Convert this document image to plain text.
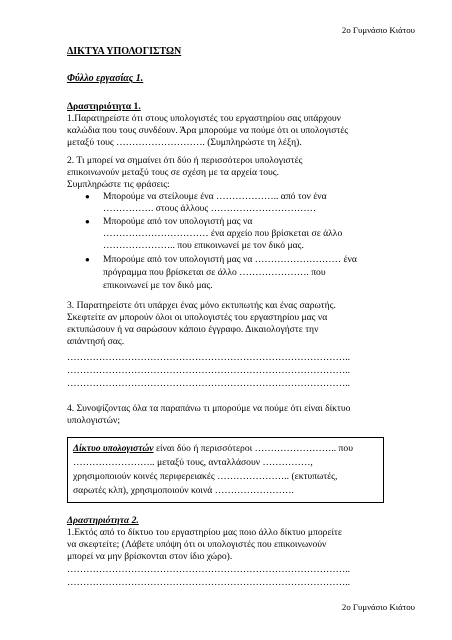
2ο Γυμνάσιο Κιάτου
ΔΙΚΤΥΑ ΥΠΟΛΟΓΙΣΤΩΝ
Φύλλο εργασίας 1.
Δραστηριότητα 1.
1.Παρατηρείστε ότι στους υπολογιστές του εργαστηρίου σας υπάρχουν
καλώδια που τους συνδέουν. Άρα μπορούμε να πούμε ότι οι υπολογιστές
μεταξύ τους ………………………. (Συμπληρώστε τη λέξη).
2. Τι μπορεί να σημαίνει ότι δύο ή περισσότεροι υπολογιστές
επικοινωνούν μεταξύ τους σε σχέση με τα αρχεία τους.
Συμπληρώστε τις φράσεις:
● Μπορούμε να στείλουμε ένα ……………….. από τον ένα
……………. στους άλλους ……………………………
● Μπορούμε από τον υπολογιστή μας να
…………………………… ένα αρχείο που βρίσκεται σε άλλο
………………….. που επικοινωνεί με τον δικό μας.
● Μπορούμε από τον υπολογιστή μας να ……………………… ένα
πρόγραμμα που βρίσκεται σε άλλο …………………. που
επικοινωνεί με τον δικό μας.
3. Παρατηρείστε ότι υπάρχει ένας μόνο εκτυπωτής και ένας σαρωτής.
Σκεφτείτε αν μπορούν όλοι οι υπολογιστές του εργαστηρίου μας να
εκτυπώσουν ή να σαρώσουν κάποιο έγγραφο. Δικαιολογήστε την
απάντησή σας.
……………………………………………………………………………..
……………………………………………………………………………..
……………………………………………………………………………..
4. Συνοψίζοντας όλα τα παραπάνω τι μπορούμε να πούμε ότι είναι δίκτυο
υπολογιστών;
Δίκτυο υπολογιστών είναι δύο ή περισσότεροι …………………….. που
…………………….. μεταξύ τους, ανταλλάσουν ……………,
χρησιμοποιούν κοινές περιφερειακές ………………….. (εκτυπωτές,
σαρωτές κλπ), χρησιμοποιούν κοινά …………………….
Δραστηριότητα 2.
1.Εκτός από το δίκτυο του εργαστηρίου μας ποιο άλλο δίκτυο μπορείτε
να σκεφτείτε; (Λάβετε υπόψη ότι οι υπολογιστές που επικοινωνούν
μπορεί να μην βρίσκονται στον ίδιο χώρο).
……………………………………………………………………………..
……………………………………………………………………………..
2ο Γυμνάσιο Κιάτου
